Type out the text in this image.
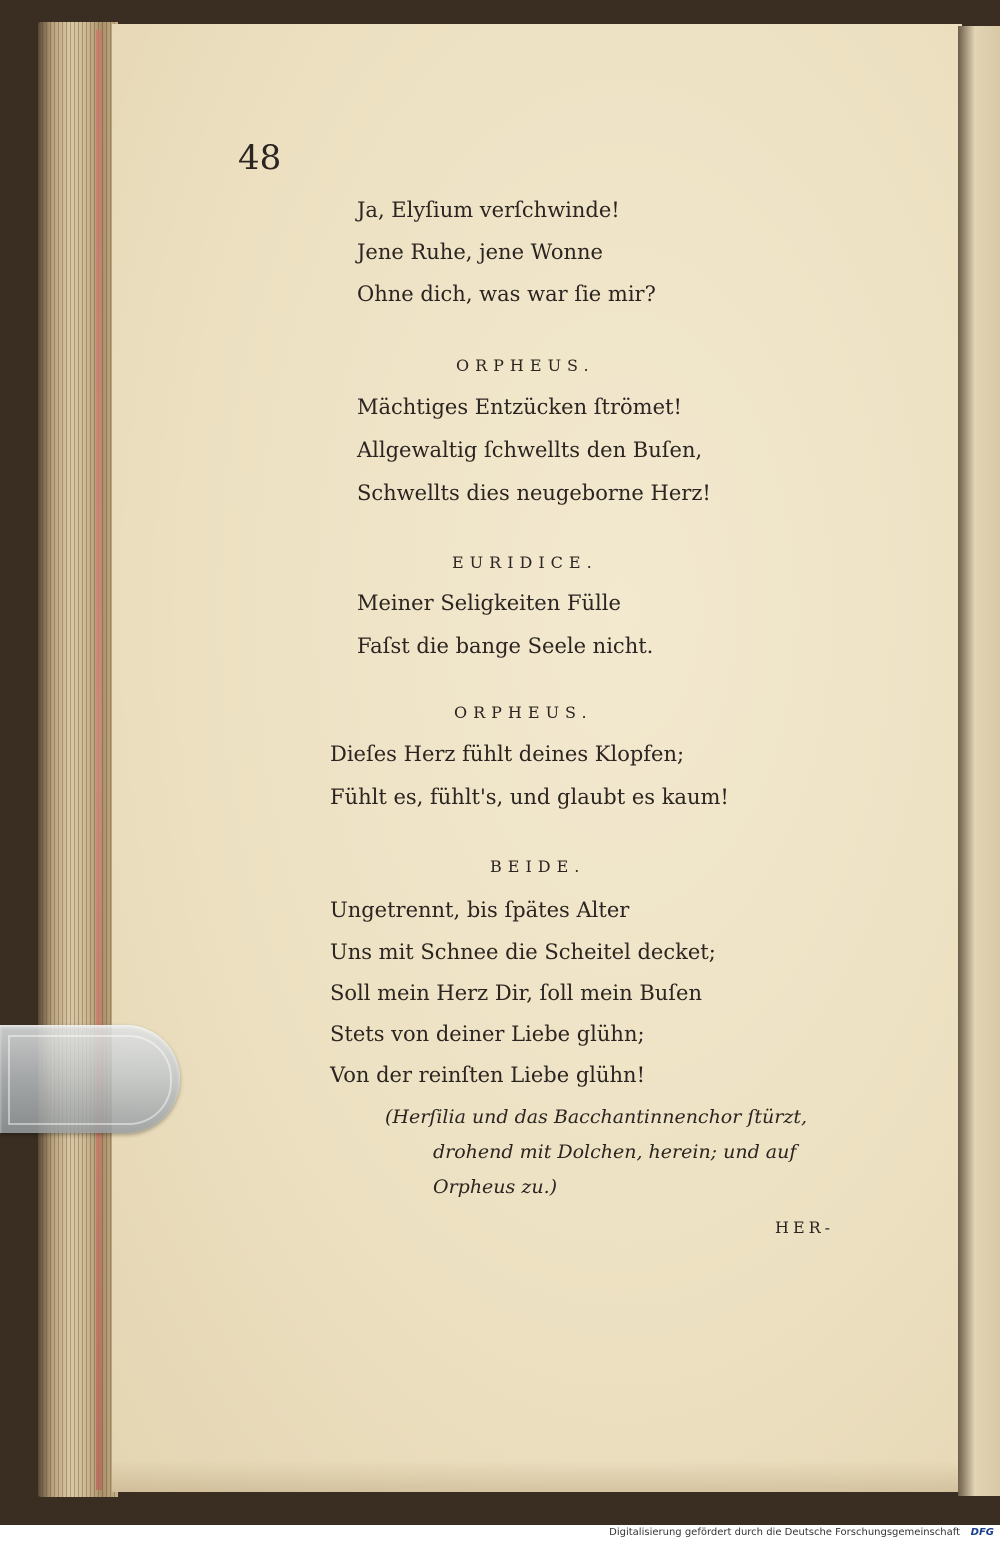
48
Ja, Elyſium verſchwinde!
Jene Ruhe, jene Wonne
Ohne dich, was war ſie mir?
ORPHEUS.
Mächtiges Entzücken ſtrömet!
Allgewaltig ſchwellts den Buſen,
Schwellts dies neugeborne Herz!
EURIDICE.
Meiner Seligkeiten Fülle
Faſst die bange Seele nicht.
ORPHEUS.
Dieſes Herz fühlt deines Klopfen;
Fühlt es, fühlt's, und glaubt es kaum!
BEIDE.
Ungetrennt, bis ſpätes Alter
Uns mit Schnee die Scheitel decket;
Soll mein Herz Dir, ſoll mein Buſen
Stets von deiner Liebe glühn;
Von der reinſten Liebe glühn!
(Herſilia und das Bacchantinnenchor ſtürzt,
drohend mit Dolchen, herein; und auf
Orpheus zu.)
HER-
Digitalisierung gefördert durch die Deutsche Forschungsgemeinschaft DFG
